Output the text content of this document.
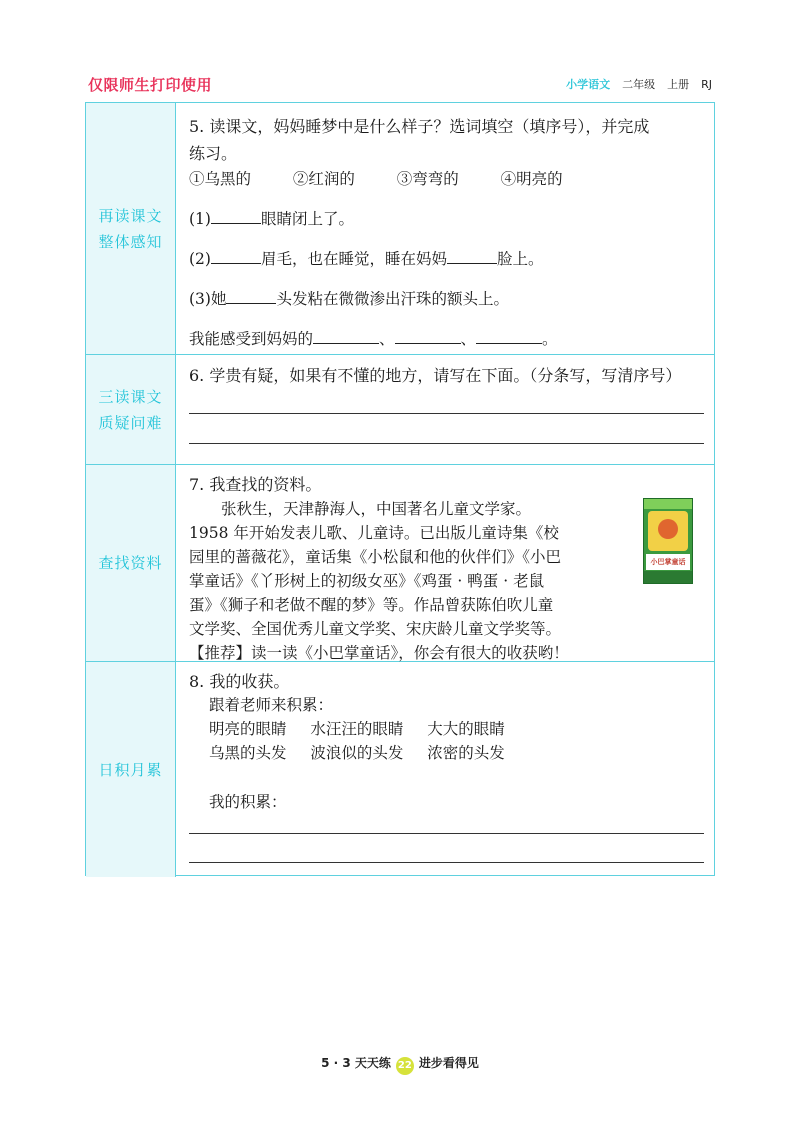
仅限师生打印使用	小学语文 二年级 上册 RJ
再读课文
整体感知
5. 读课文，妈妈睡梦中是什么样子？选词填空（填序号），并完成
练习。
①乌黑的	②红润的	③弯弯的	④明亮的
(1)	眼睛闭上了。
(2)	眉毛，也在睡觉，睡在妈妈	脸上。
(3)她	头发粘在微微渗出汗珠的额头上。
我能感受到妈妈的	、	、	。
三读课文
质疑问难
6. 学贵有疑，如果有不懂的地方，请写在下面。（分条写，写清序号）
查找资料
7. 我查找的资料。
张秋生，天津静海人，中国著名儿童文学家。
1958 年开始发表儿歌、儿童诗。已出版儿童诗集《校
园里的蔷薇花》，童话集《小松鼠和他的伙伴们》《小巴
掌童话》《丫形树上的初级女巫》《鸡蛋 · 鸭蛋 · 老鼠
蛋》《狮子和老做不醒的梦》等。作品曾获陈伯吹儿童
文学奖、全国优秀儿童文学奖、宋庆龄儿童文学奖等。
【推荐】读一读《小巴掌童话》，你会有很大的收获哟！
小巴掌童话
日积月累
8. 我的收获。
跟着老师来积累：
明亮的眼睛 水汪汪的眼睛 大大的眼睛
乌黑的头发 波浪似的头发 浓密的头发
我的积累：
5 · 3 天天练 22 进步看得见
